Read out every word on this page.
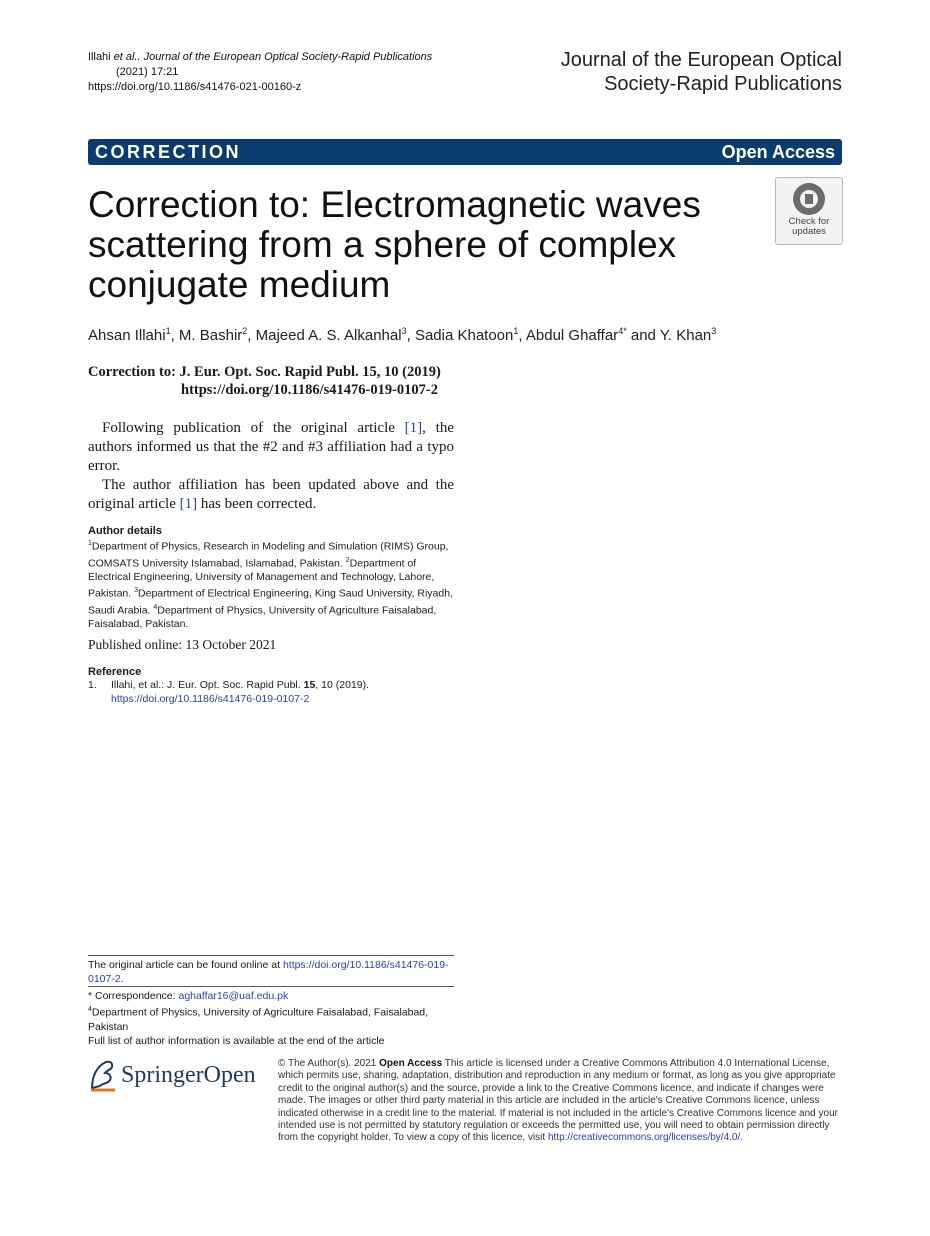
Illahi et al.. Journal of the European Optical Society-Rapid Publications
(2021) 17:21
https://doi.org/10.1186/s41476-021-00160-z
Journal of the European Optical
Society-Rapid Publications
CORRECTION	Open Access
Correction to: Electromagnetic waves scattering from a sphere of complex conjugate medium
Check for
updates
Ahsan Illahi$^1$, M. Bashir$^2$, Majeed A. S. Alkanhal$^3$, Sadia Khatoon$^1$, Abdul Ghaffar$^{4*}$ and Y. Khan$^3$
Correction to: J. Eur. Opt. Soc. Rapid Publ. 15, 10 (2019)
https://doi.org/10.1186/s41476-019-0107-2

Following publication of the original article [1], the authors informed us that the #2 and #3 affiliation had a typo error.

The author affiliation has been updated above and the original article [1] has been corrected.

Author details
$^1$Department of Physics, Research in Modeling and Simulation (RIMS) Group, COMSATS University Islamabad, Islamabad, Pakistan. $^2$Department of Electrical Engineering, University of Management and Technology, Lahore, Pakistan. $^3$Department of Electrical Engineering, King Saud University, Riyadh, Saudi Arabia. $^4$Department of Physics, University of Agriculture Faisalabad, Faisalabad, Pakistan.
Published online: 13 October 2021
Reference
1.	Illahi, et al.: J. Eur. Opt. Soc. Rapid Publ. 15, 10 (2019). https://doi.org/10.1186/s41476-019-0107-2
The original article can be found online at https://doi.org/10.1186/s41476-019-0107-2.
* Correspondence: aghaffar16@uaf.edu.pk
$^4$Department of Physics, University of Agriculture Faisalabad, Faisalabad, Pakistan
Full list of author information is available at the end of the article
SpringerOpen © The Author(s). 2021 Open Access This article is licensed under a Creative Commons Attribution 4.0 International License, which permits use, sharing, adaptation, distribution and reproduction in any medium or format, as long as you give appropriate credit to the original author(s) and the source, provide a link to the Creative Commons licence, and indicate if changes were made. The images or other third party material in this article are included in the article's Creative Commons licence, unless indicated otherwise in a credit line to the material. If material is not included in the article's Creative Commons licence and your intended use is not permitted by statutory regulation or exceeds the permitted use, you will need to obtain permission directly from the copyright holder. To view a copy of this licence, visit http://creativecommons.org/licenses/by/4.0/.
